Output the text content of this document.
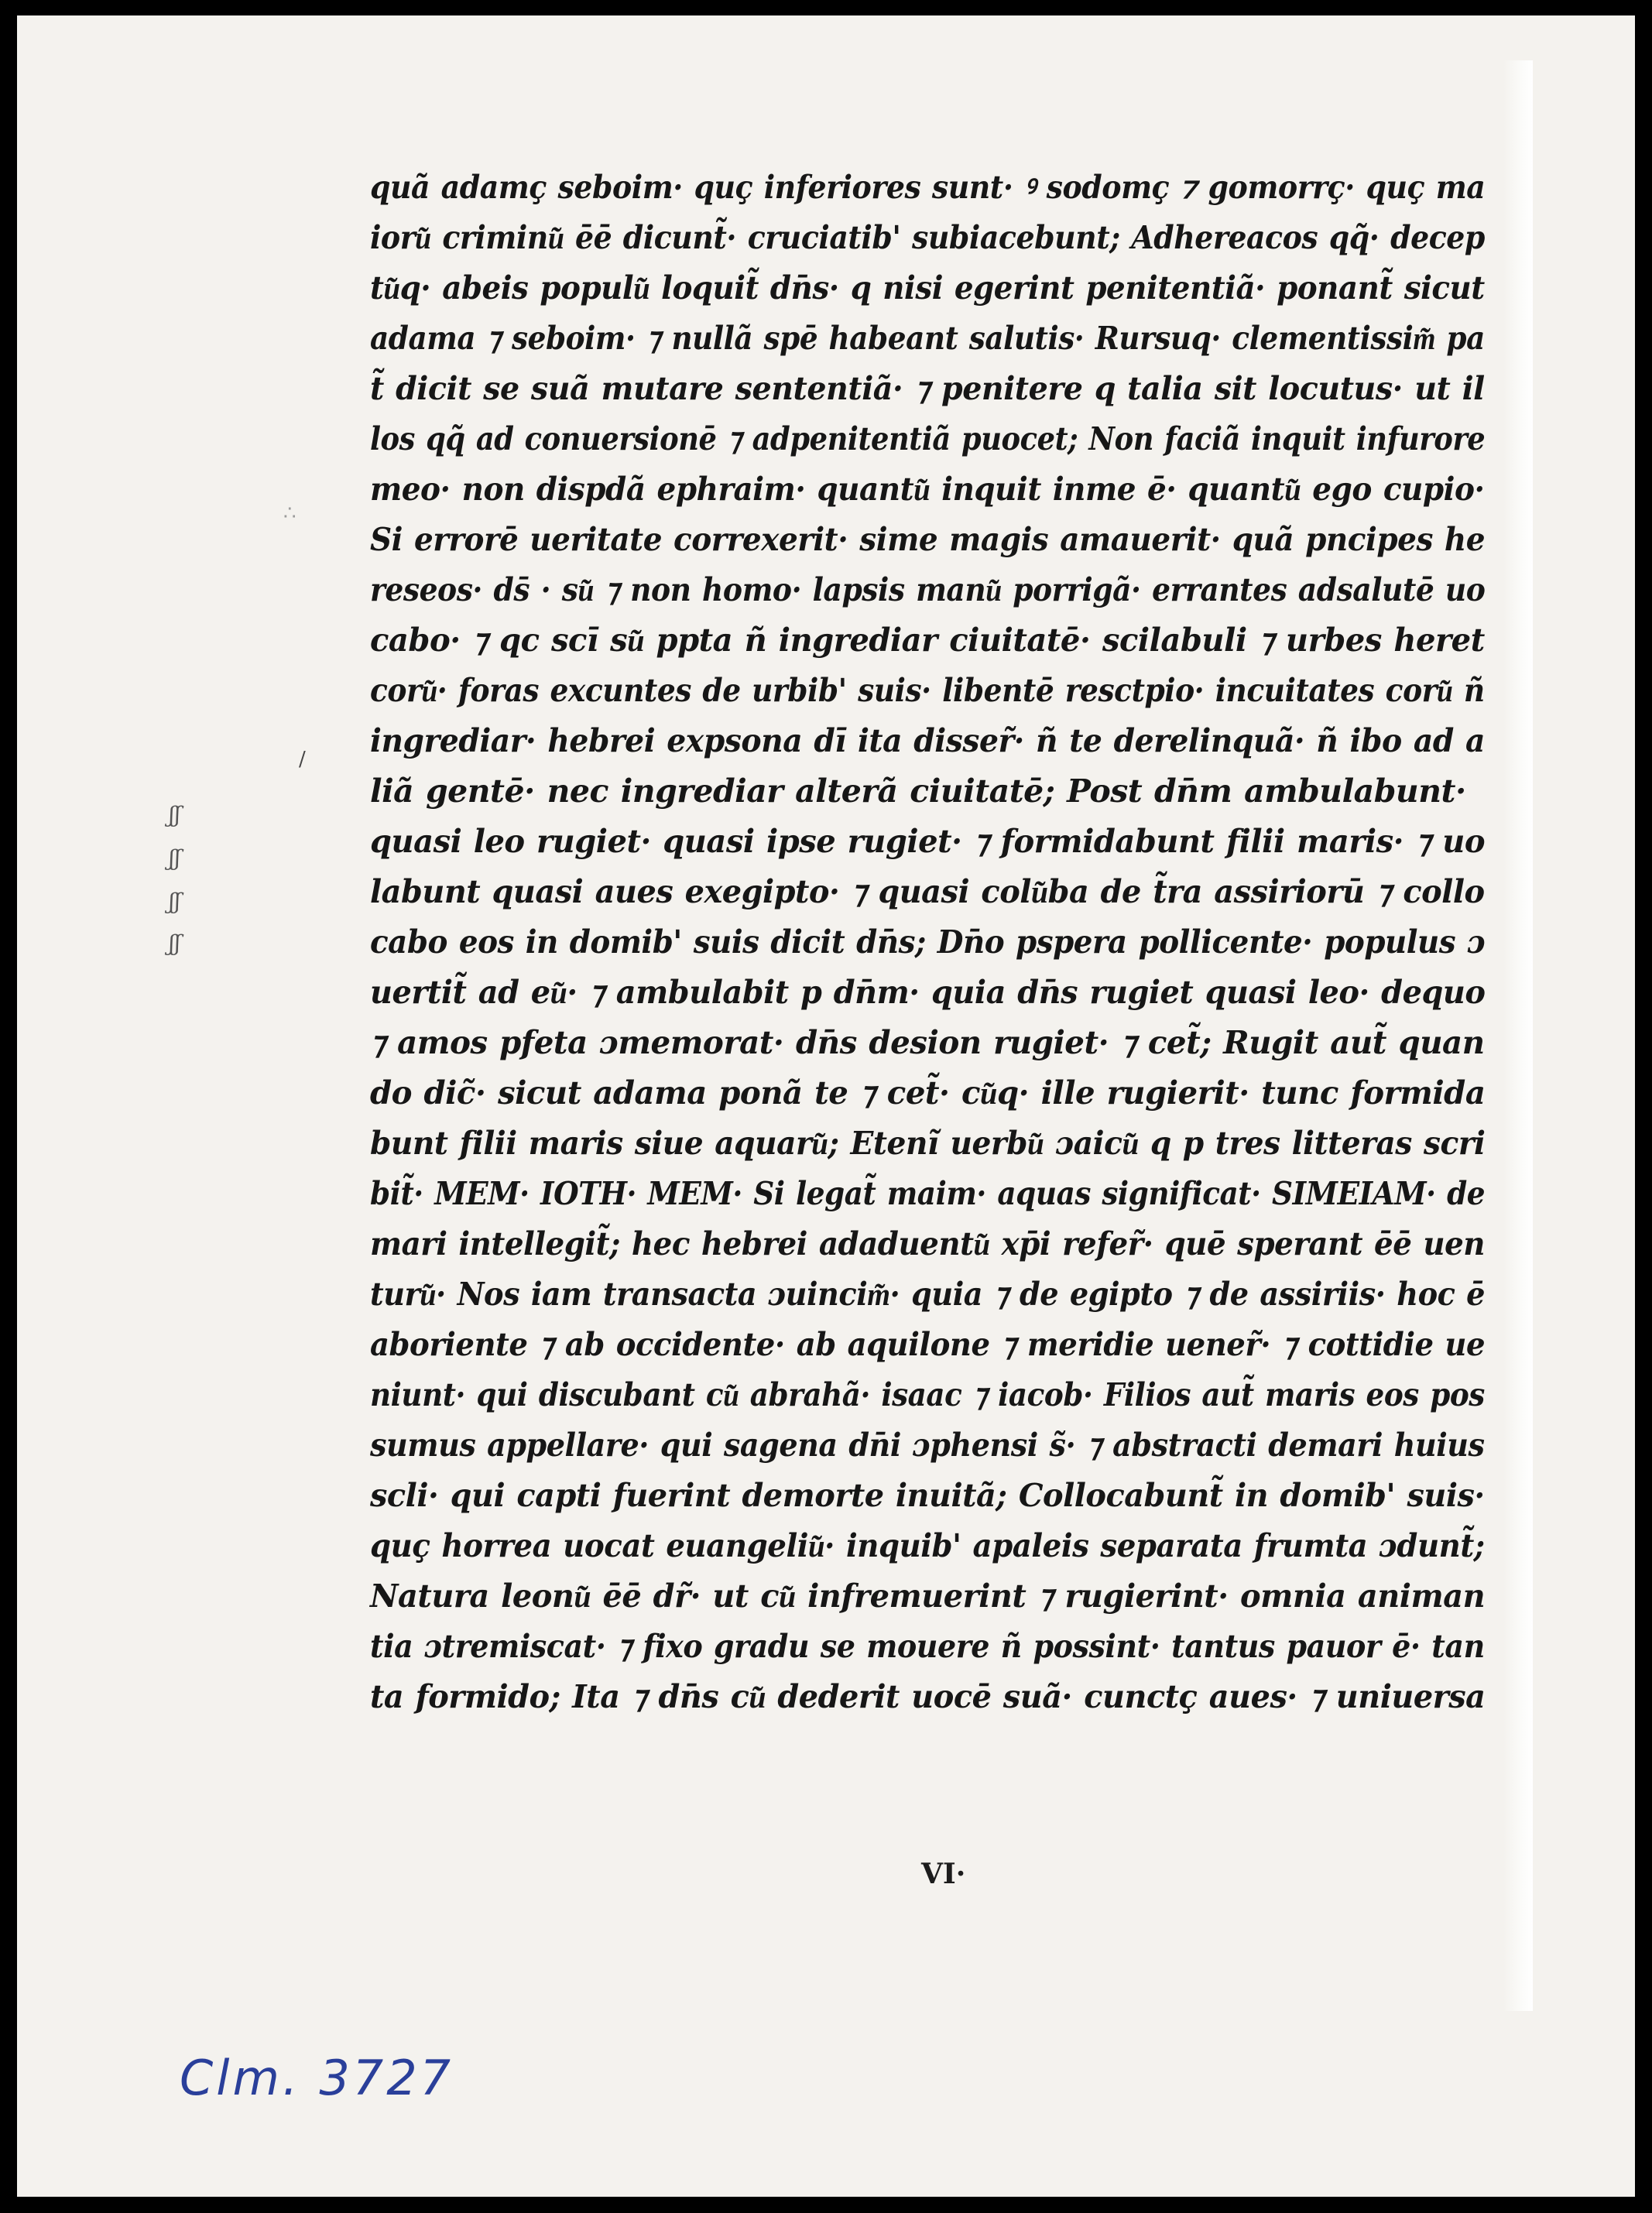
∴
/
ʃʃ
ʃʃ
ʃʃ
ʃʃ
quã adamç seboim· quç inferiores sunt· ꝰ sodomç ⁊ gomorrç· quç ma
ioru͂ criminu͂ ēē dicunt̃· cruciatib' subiacebunt; Adhereacos qq̃· decep
tu͂q· abeis populu͂ loquit̃ dn̄s· q nisi egerint penitentiã· ponant̃ sicut
adama ⁊ seboim· ⁊ nullã spē habeant salutis· Rursuq· clementissim͂ pa
t̃ dicit se suã mutare sententiã· ⁊ penitere q talia sit locutus· ut il
los qq̃ ad conuersionē ⁊ adpenitentiã puocet; Non faciã inquit infurore
meo· non dispdã ephraim· quantu͂ inquit inme ē· quantu͂ ego cupio·
Si errorē ueritate correxerit· sime magis amauerit· quã pncipes he
reseos· ds̄ · su͂ ⁊ non homo· lapsis manu͂ porrigã· errantes adsalutē uo
cabo· ⁊ qc scī su͂ ppta ñ ingrediar ciuitatē· scilabuli ⁊ urbes heret
coru͂· foras excuntes de urbib' suis· libentē resctpio· incuitates coru͂ ñ
ingrediar· hebrei expsona dī ita disser̃· ñ te derelinquã· ñ ibo ad a
liã gentē· nec ingrediar alterã ciuitatē; Post dn̄m ambulabunt·
quasi leo rugiet· quasi ipse rugiet· ⁊ formidabunt filii maris· ⁊ uo
labunt quasi aues exegipto· ⁊ quasi colu͂ba de t̃ra assiriorū ⁊ collo
cabo eos in domib' suis dicit dn̄s; Dn̄o pspera pollicente· populus ɔ
uertit̃ ad eu͂· ⁊ ambulabit p dn̄m· quia dn̄s rugiet quasi leo· dequo
⁊ amos pfeta ɔmemorat· dn̄s desion rugiet· ⁊ cet̃; Rugit aut̃ quan
do dic̃· sicut adama ponã te ⁊ cet̃· cu͂q· ille rugierit· tunc formida
bunt filii maris siue aquaru͂; Etenĩ uerbu͂ ɔaicu͂ q p tres litteras scri
bit̃· MEM· IOTH· MEM· Si legat̃ maim· aquas significat· SIMEIAM· de
mari intellegit̃; hec hebrei adaduentu͂ xp̄i refer̃· quē sperant ēē uen
turu͂· Nos iam transacta ɔuincim͂· quia ⁊ de egipto ⁊ de assiriis· hoc ē
aboriente ⁊ ab occidente· ab aquilone ⁊ meridie uener̃· ⁊ cottidie ue
niunt· qui discubant cu͂ abrahã· isaac ⁊ iacob· Filios aut̃ maris eos pos
sumus appellare· qui sagena dn̄i ɔphensi s̃· ⁊ abstracti demari huius
scli· qui capti fuerint demorte inuitã; Collocabunt̃ in domib' suis·
quç horrea uocat euangeliu͂· inquib' apaleis separata frumta ɔdunt̃;
Natura leonu͂ ēē dr̃· ut cu͂ infremuerint ⁊ rugierint· omnia animan
tia ɔtremiscat· ⁊ fixo gradu se mouere ñ possint· tantus pauor ē· tan
ta formido; Ita ⁊ dn̄s cu͂ dederit uocē suã· cunctç aues· ⁊ uniuersa
VI·
Clm. 3727
